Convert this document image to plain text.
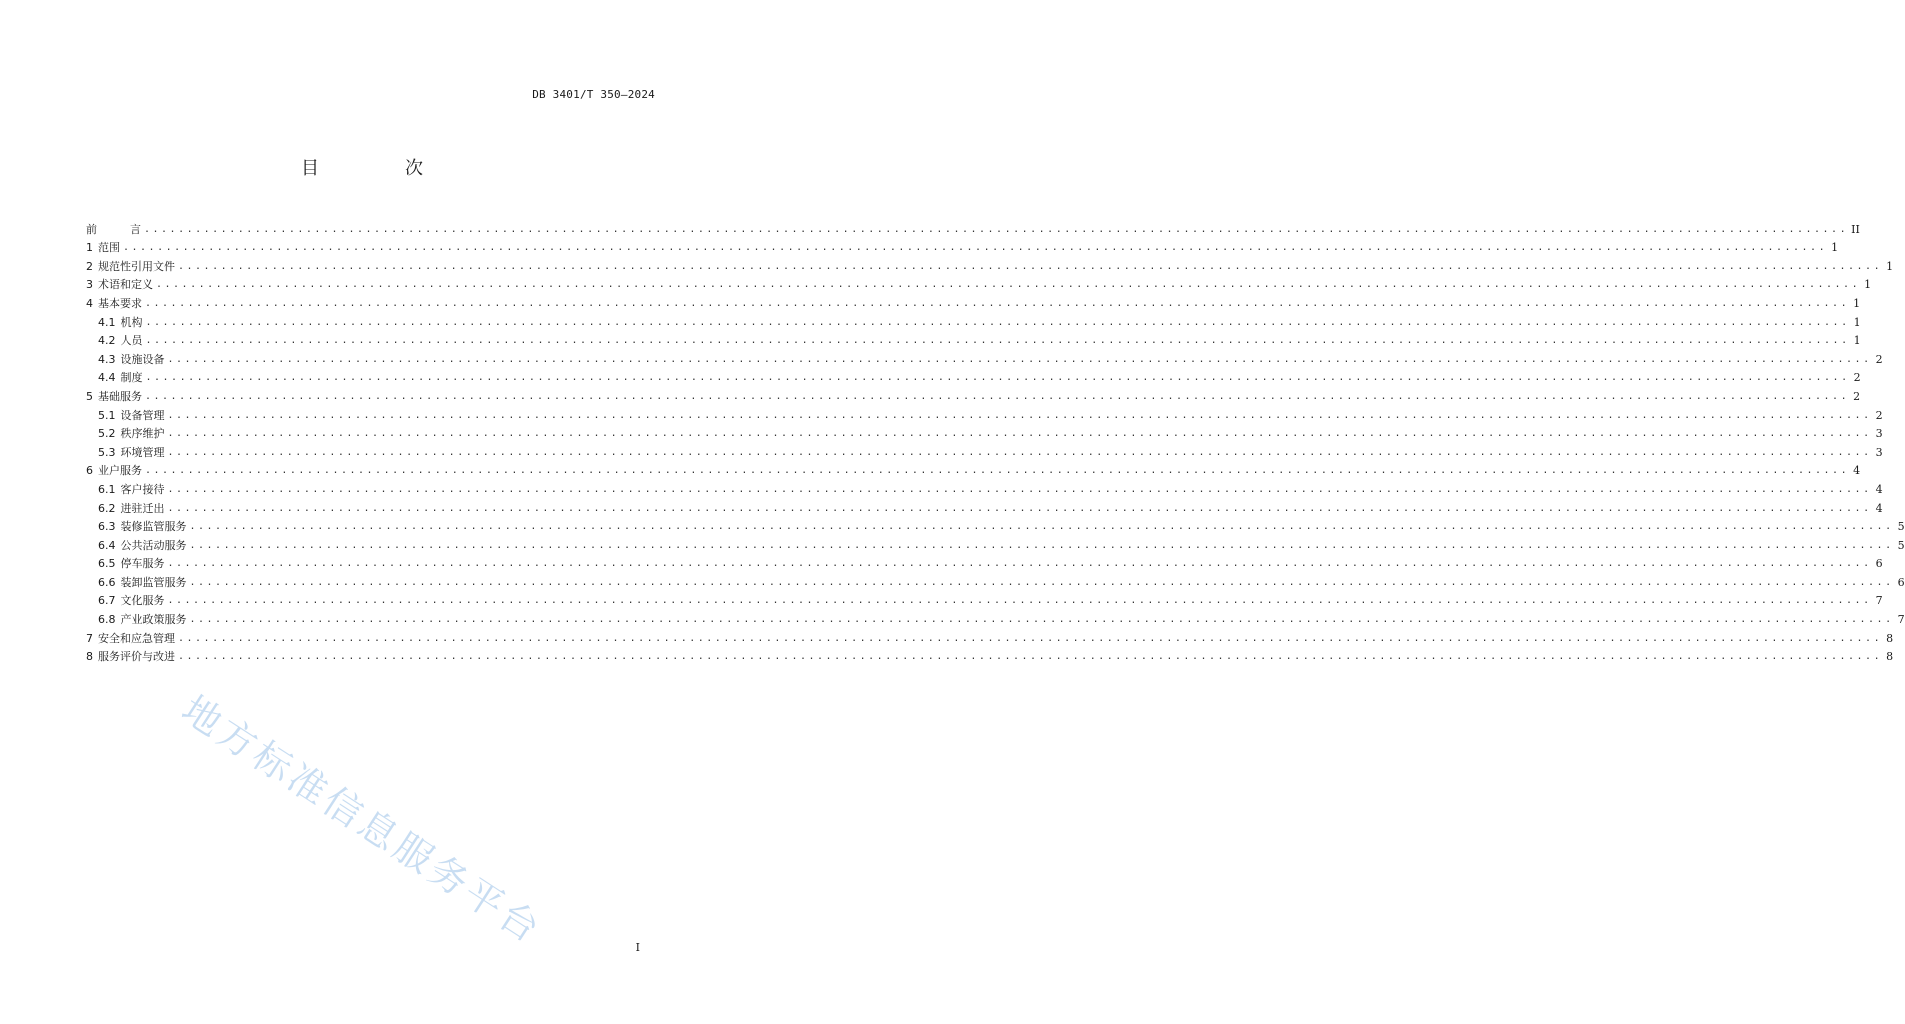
DB 3401/T 350—2024
目　次
前　　　言 ........................................................................................................................................................................................................ II
1 范围 ........................................................................................................................................................................................................ 1
2 规范性引用文件 ........................................................................................................................................................................................................ 1
3 术语和定义 ........................................................................................................................................................................................................ 1
4 基本要求 ........................................................................................................................................................................................................ 1
4.1 机构 ........................................................................................................................................................................................................ 1
4.2 人员 ........................................................................................................................................................................................................ 1
4.3 设施设备 ........................................................................................................................................................................................................ 2
4.4 制度 ........................................................................................................................................................................................................ 2
5 基础服务 ........................................................................................................................................................................................................ 2
5.1 设备管理 ........................................................................................................................................................................................................ 2
5.2 秩序维护 ........................................................................................................................................................................................................ 3
5.3 环境管理 ........................................................................................................................................................................................................ 3
6 业户服务 ........................................................................................................................................................................................................ 4
6.1 客户接待 ........................................................................................................................................................................................................ 4
6.2 进驻迁出 ........................................................................................................................................................................................................ 4
6.3 装修监管服务 ........................................................................................................................................................................................................ 5
6.4 公共活动服务 ........................................................................................................................................................................................................ 5
6.5 停车服务 ........................................................................................................................................................................................................ 6
6.6 装卸监管服务 ........................................................................................................................................................................................................ 6
6.7 文化服务 ........................................................................................................................................................................................................ 7
6.8 产业政策服务 ........................................................................................................................................................................................................ 7
7 安全和应急管理 ........................................................................................................................................................................................................ 8
8 服务评价与改进 ........................................................................................................................................................................................................ 8
I
地方标准信息服务平台
